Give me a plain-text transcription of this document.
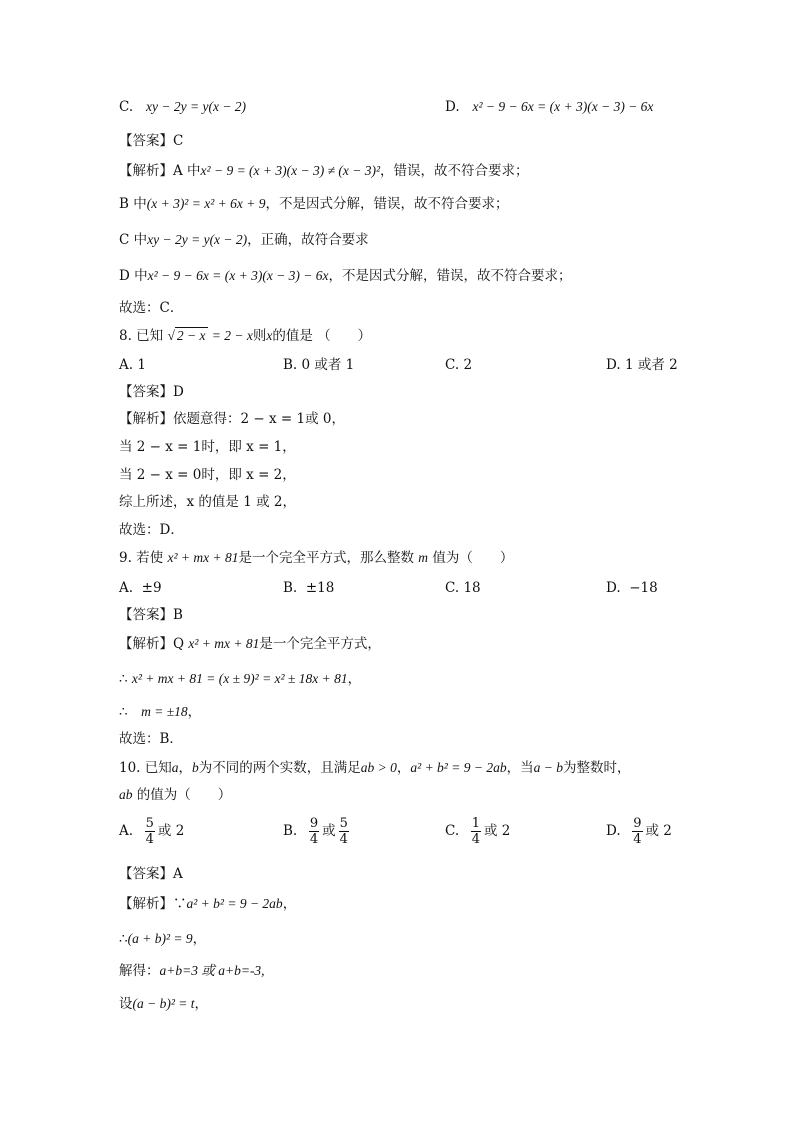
C. xy − 2y = y(x − 2)	D. x² − 9 − 6x = (x + 3)(x − 3) − 6x
【答案】C
【解析】A 中x² − 9 = (x + 3)(x − 3) ≠ (x − 3)²，错误，故不符合要求；
B 中(x + 3)² = x² + 6x + 9，不是因式分解，错误，故不符合要求；
C 中xy − 2y = y(x − 2)，正确，故符合要求
D 中x² − 9 − 6x = (x + 3)(x − 3) − 6x，不是因式分解，错误，故不符合要求；
故选：C．
8. 已知 √ 2 − x = 2 − x则x的值是 （　　）
A. 1	B. 0 或者 1	C. 2	D. 1 或者 2
【答案】D
【解析】依题意得：2 − x = 1或 0，
当 2 − x = 1时，即 x = 1，
当 2 − x = 0时，即 x = 2，
综上所述，x 的值是 1 或 2，
故选：D．
9. 若使 x² + mx + 81是一个完全平方式，那么整数 m 值为（　　）
A. ±9	B. ±18	C. 18	D. −18
【答案】B
【解析】Q x² + mx + 81是一个完全平方式，
∴ x² + mx + 81 = (x ± 9)² = x² ± 18x + 81，
∴　m = ±18，
故选：B．
10. 已知a，b为不同的两个实数，且满足ab > 0，a² + b² = 9 − 2ab，当a − b为整数时，
ab 的值为（　　）
A. $\frac{5}{4}$ 或 2	B. $\frac{9}{4}$ 或 $\frac{5}{4}$	C. $\frac{1}{4}$ 或 2	D. $\frac{9}{4}$ 或 2
【答案】A
【解析】∵a² + b² = 9 − 2ab，
∴(a + b)² = 9，
解得：a+b=3 或 a+b=-3,
设(a − b)² = t，
